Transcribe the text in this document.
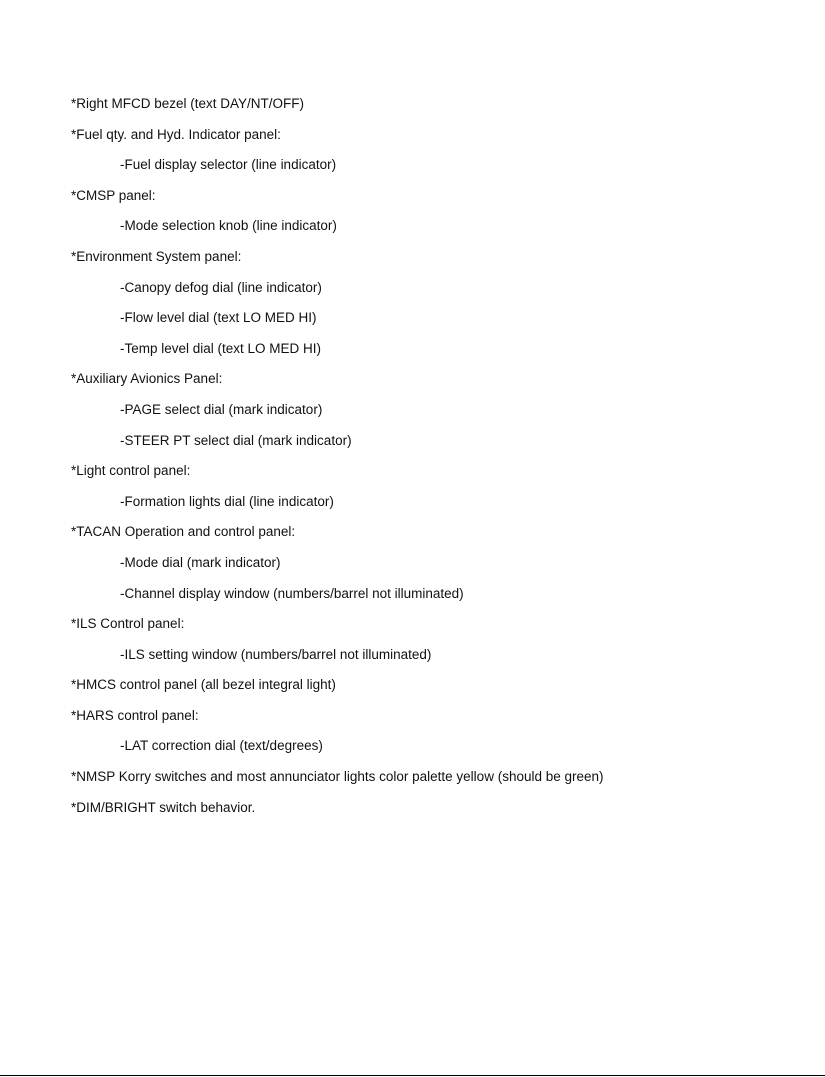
*Right MFCD bezel (text DAY/NT/OFF)
*Fuel qty. and Hyd. Indicator panel:
-Fuel display selector (line indicator)
*CMSP panel:
-Mode selection knob (line indicator)
*Environment System panel:
-Canopy defog dial (line indicator)
-Flow level dial (text LO MED HI)
-Temp level dial (text LO MED HI)
*Auxiliary Avionics Panel:
-PAGE select dial (mark indicator)
-STEER PT select dial (mark indicator)
*Light control panel:
-Formation lights dial (line indicator)
*TACAN Operation and control panel:
-Mode dial (mark indicator)
-Channel display window (numbers/barrel not illuminated)
*ILS Control panel:
-ILS setting window (numbers/barrel not illuminated)
*HMCS control panel (all bezel integral light)
*HARS control panel:
-LAT correction dial (text/degrees)
*NMSP Korry switches and most annunciator lights color palette yellow (should be green)
*DIM/BRIGHT switch behavior.
